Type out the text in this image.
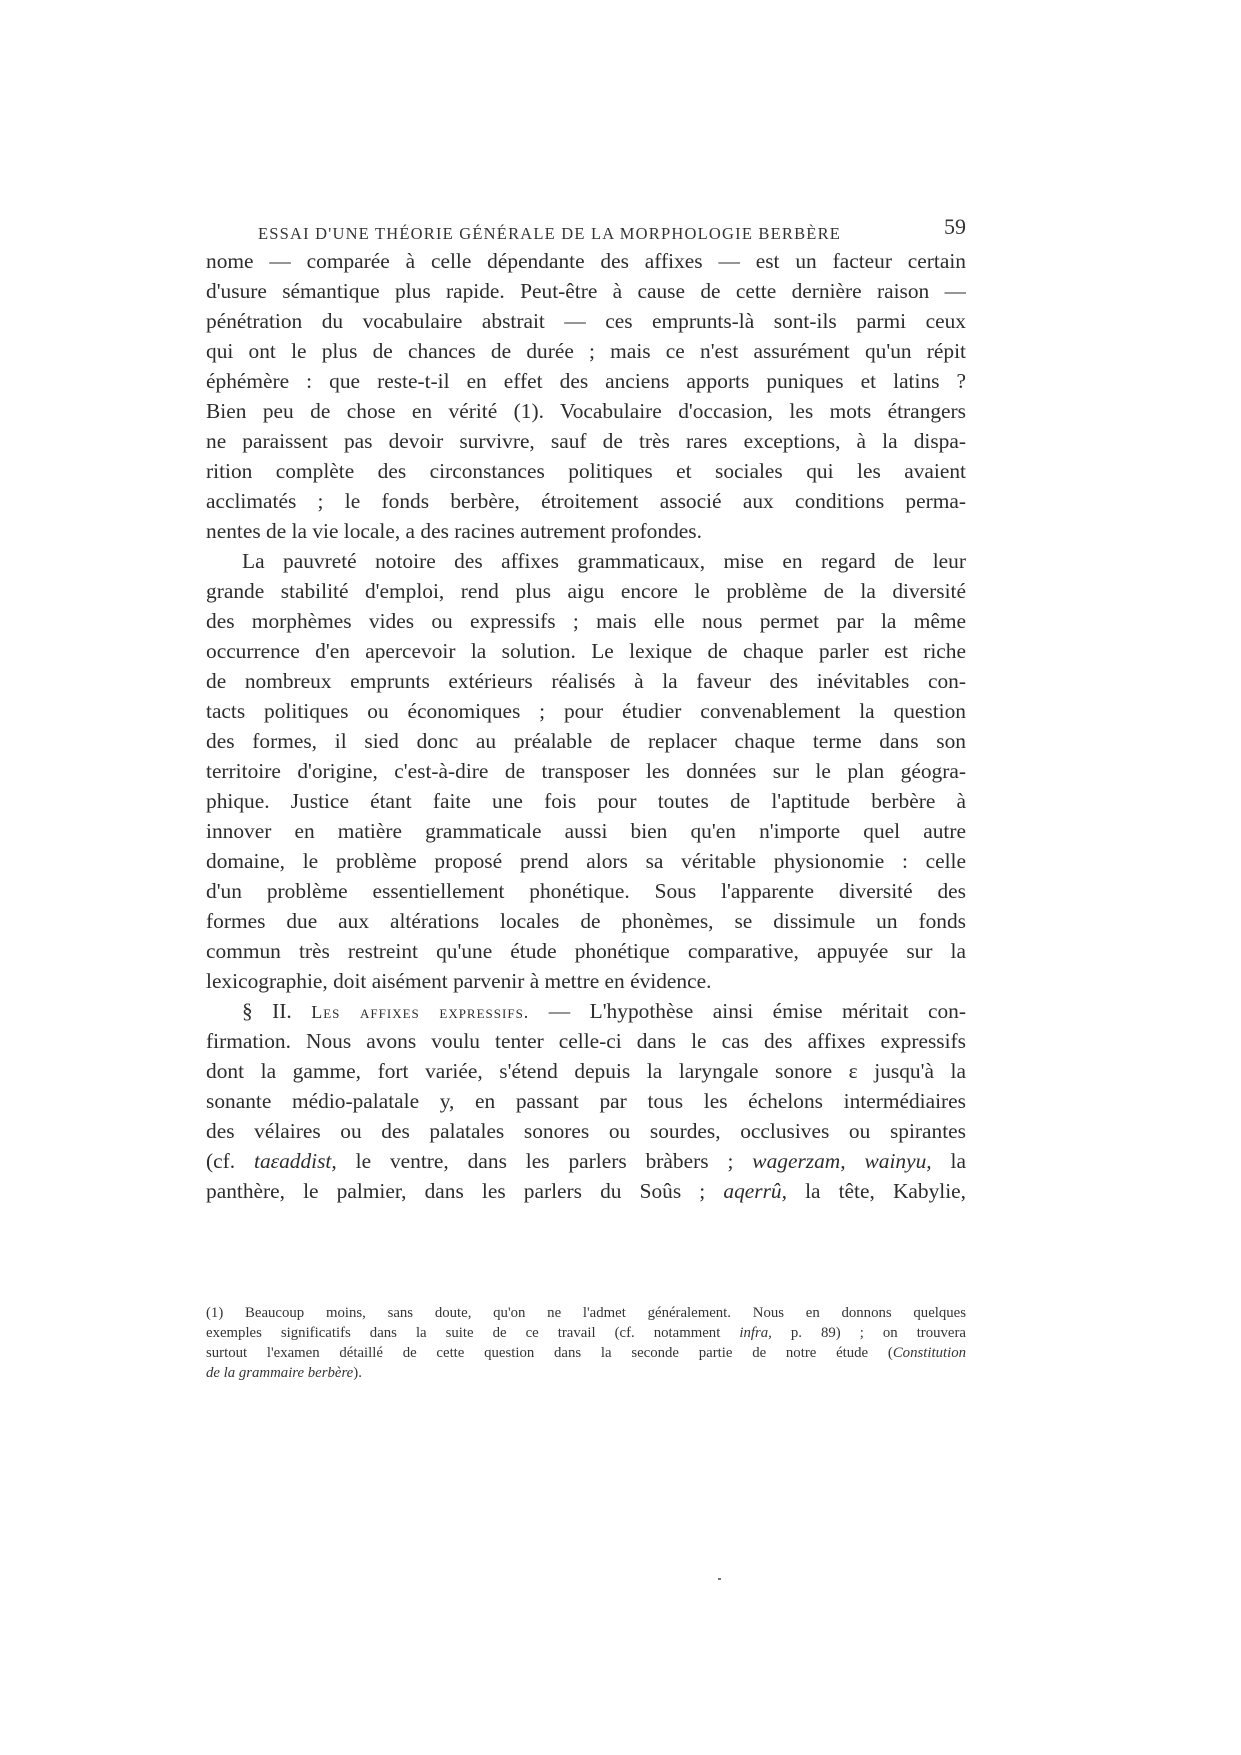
ESSAI D'UNE THÉORIE GÉNÉRALE DE LA MORPHOLOGIE BERBÈRE	59
nome — comparée à celle dépendante des affixes — est un facteur certain
d'usure sémantique plus rapide. Peut-être à cause de cette dernière raison —
pénétration du vocabulaire abstrait — ces emprunts-là sont-ils parmi ceux
qui ont le plus de chances de durée ; mais ce n'est assurément qu'un répit
éphémère : que reste-t-il en effet des anciens apports puniques et latins ?
Bien peu de chose en vérité (1). Vocabulaire d'occasion, les mots étrangers
ne paraissent pas devoir survivre, sauf de très rares exceptions, à la dispa-
rition complète des circonstances politiques et sociales qui les avaient
acclimatés ; le fonds berbère, étroitement associé aux conditions perma-
nentes de la vie locale, a des racines autrement profondes.
La pauvreté notoire des affixes grammaticaux, mise en regard de leur
grande stabilité d'emploi, rend plus aigu encore le problème de la diversité
des morphèmes vides ou expressifs ; mais elle nous permet par la même
occurrence d'en apercevoir la solution. Le lexique de chaque parler est riche
de nombreux emprunts extérieurs réalisés à la faveur des inévitables con-
tacts politiques ou économiques ; pour étudier convenablement la question
des formes, il sied donc au préalable de replacer chaque terme dans son
territoire d'origine, c'est-à-dire de transposer les données sur le plan géogra-
phique. Justice étant faite une fois pour toutes de l'aptitude berbère à
innover en matière grammaticale aussi bien qu'en n'importe quel autre
domaine, le problème proposé prend alors sa véritable physionomie : celle
d'un problème essentiellement phonétique. Sous l'apparente diversité des
formes due aux altérations locales de phonèmes, se dissimule un fonds
commun très restreint qu'une étude phonétique comparative, appuyée sur la
lexicographie, doit aisément parvenir à mettre en évidence.
§ II. Les affixes expressifs. — L'hypothèse ainsi émise méritait con-
firmation. Nous avons voulu tenter celle-ci dans le cas des affixes expressifs
dont la gamme, fort variée, s'étend depuis la laryngale sonore ɛ jusqu'à la
sonante médio-palatale y, en passant par tous les échelons intermédiaires
des vélaires ou des palatales sonores ou sourdes, occlusives ou spirantes
(cf. taɛaddist, le ventre, dans les parlers bràbers ; wagerzam, wainyu, la
panthère, le palmier, dans les parlers du Soûs ; aqerrû, la tête, Kabylie,
(1) Beaucoup moins, sans doute, qu'on ne l'admet généralement. Nous en donnons quelques
exemples significatifs dans la suite de ce travail (cf. notamment infra, p. 89) ; on trouvera
surtout l'examen détaillé de cette question dans la seconde partie de notre étude (Constitution
de la grammaire berbère).
